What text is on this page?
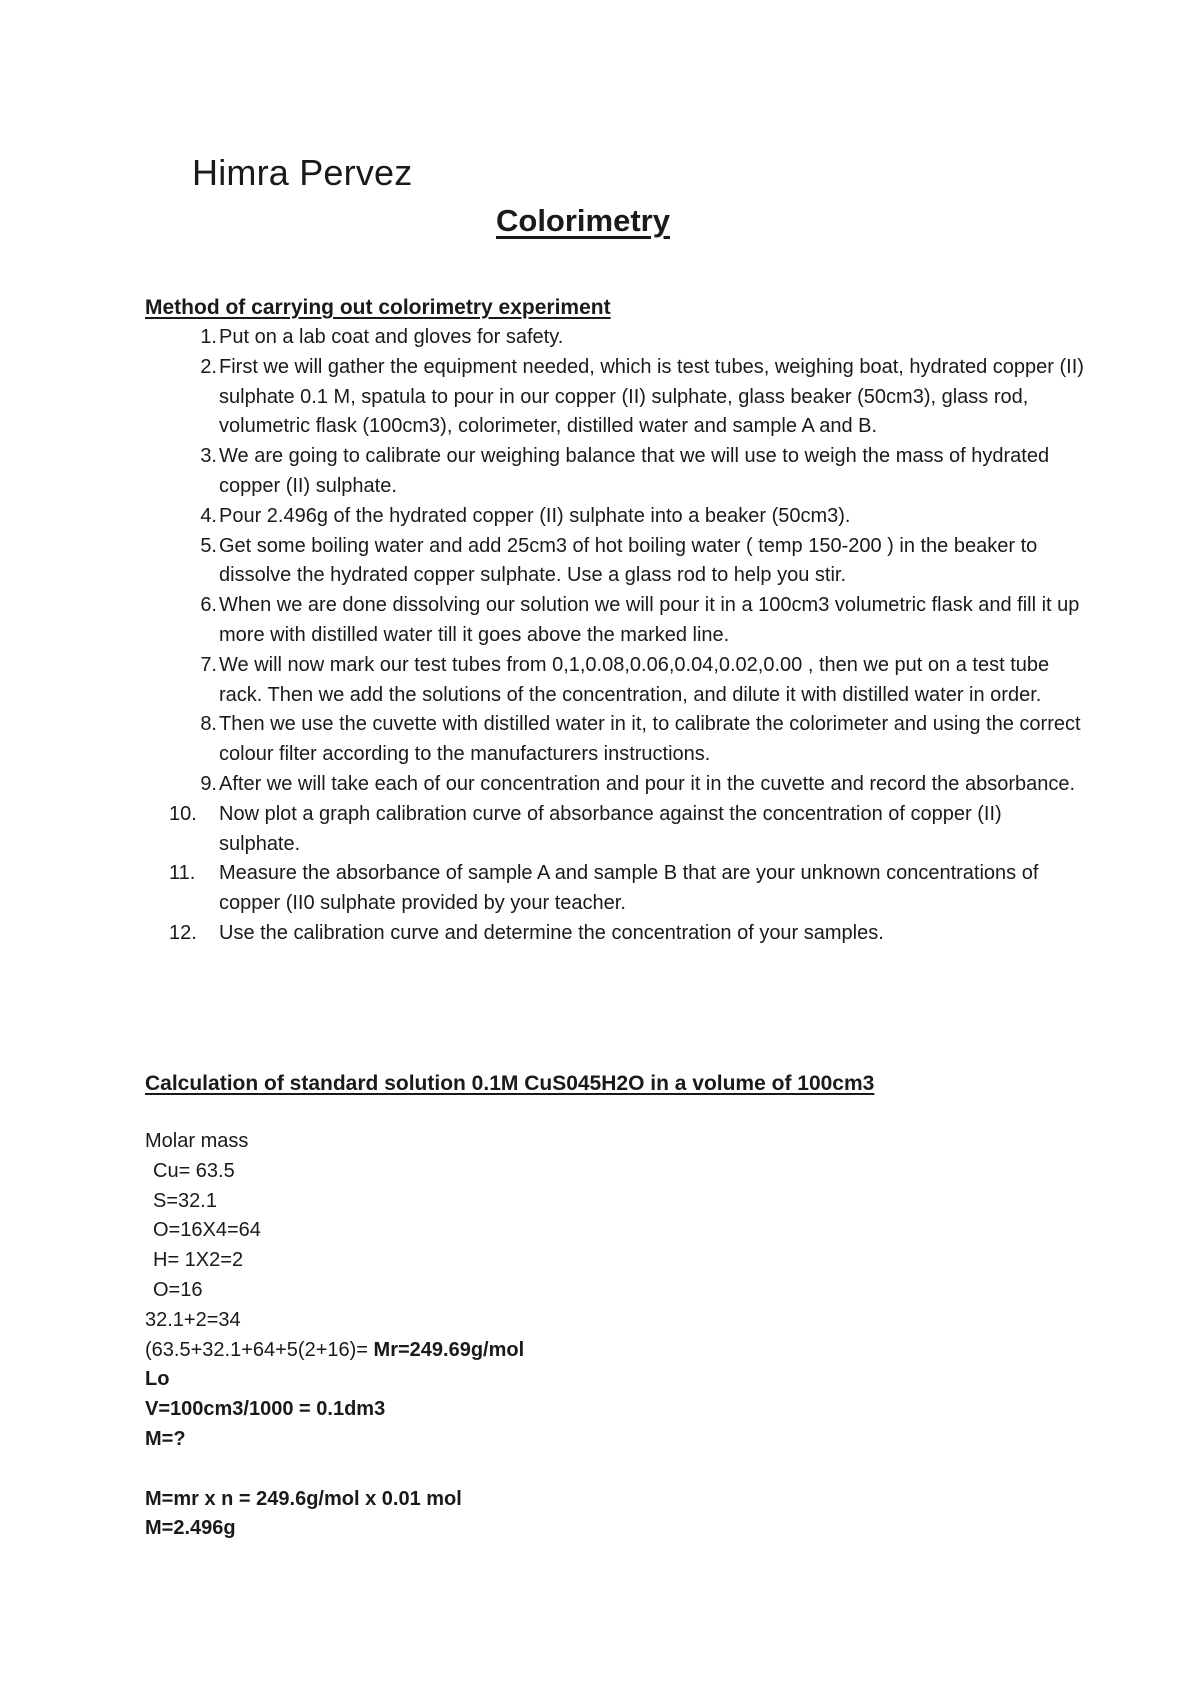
Himra Pervez
Colorimetry
Method of carrying out colorimetry experiment
1. Put on a lab coat and gloves for safety.
2. First we will gather the equipment needed, which is test tubes, weighing boat, hydrated copper (II) sulphate 0.1 M, spatula to pour in our copper (II) sulphate, glass beaker (50cm3), glass rod, volumetric flask (100cm3), colorimeter, distilled water and sample A and B.
3. We are going to calibrate our weighing balance that we will use to weigh the mass of hydrated copper (II) sulphate.
4. Pour 2.496g of the hydrated copper (II) sulphate into a beaker (50cm3).
5. Get some boiling water and add 25cm3 of hot boiling water ( temp 150-200 ) in the beaker to dissolve the hydrated copper sulphate. Use a glass rod to help you stir.
6. When we are done dissolving our solution we will pour it in a 100cm3 volumetric flask and fill it up more with distilled water till it goes above the marked line.
7. We will now mark our test tubes from 0,1,0.08,0.06,0.04,0.02,0.00 , then we put on a test tube rack. Then we add the solutions of the concentration, and dilute it with distilled water in order.
8. Then we use the cuvette with distilled water in it, to calibrate the colorimeter and using the correct colour filter according to the manufacturers instructions.
9. After we will take each of our concentration and pour it in the cuvette and record the absorbance.
10.	Now plot a graph calibration curve of absorbance against the concentration of copper (II) sulphate.
11.	Measure the absorbance of sample A and sample B that are your unknown concentrations of copper (II0 sulphate provided by your teacher.
12.	Use the calibration curve and determine the concentration of your samples.
Calculation of standard solution 0.1M CuS045H2O in a volume of 100cm3
Molar mass
Cu= 63.5
S=32.1
O=16X4=64
H= 1X2=2
O=16
32.1+2=34
(63.5+32.1+64+5(2+16)= Mr=249.69g/mol
Lo
V=100cm3/1000 = 0.1dm3
M=?
M=mr x n = 249.6g/mol x 0.01 mol
M=2.496g
